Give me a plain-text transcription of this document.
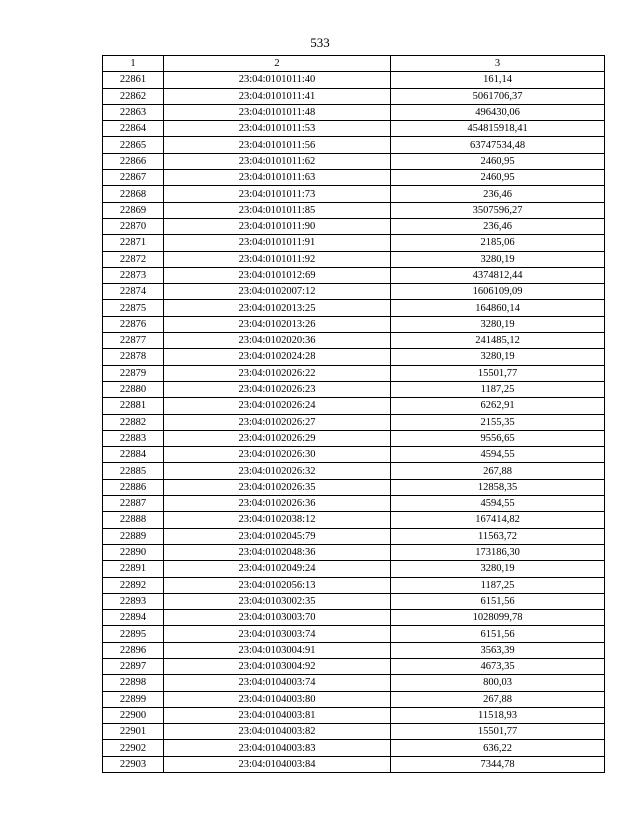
533
1	2	3
22861	23:04:0101011:40	161,14
22862	23:04:0101011:41	5061706,37
22863	23:04:0101011:48	496430,06
22864	23:04:0101011:53	454815918,41
22865	23:04:0101011:56	63747534,48
22866	23:04:0101011:62	2460,95
22867	23:04:0101011:63	2460,95
22868	23:04:0101011:73	236,46
22869	23:04:0101011:85	3507596,27
22870	23:04:0101011:90	236,46
22871	23:04:0101011:91	2185,06
22872	23:04:0101011:92	3280,19
22873	23:04:0101012:69	4374812,44
22874	23:04:0102007:12	1606109,09
22875	23:04:0102013:25	164860,14
22876	23:04:0102013:26	3280,19
22877	23:04:0102020:36	241485,12
22878	23:04:0102024:28	3280,19
22879	23:04:0102026:22	15501,77
22880	23:04:0102026:23	1187,25
22881	23:04:0102026:24	6262,91
22882	23:04:0102026:27	2155,35
22883	23:04:0102026:29	9556,65
22884	23:04:0102026:30	4594,55
22885	23:04:0102026:32	267,88
22886	23:04:0102026:35	12858,35
22887	23:04:0102026:36	4594,55
22888	23:04:0102038:12	167414,82
22889	23:04:0102045:79	11563,72
22890	23:04:0102048:36	173186,30
22891	23:04:0102049:24	3280,19
22892	23:04:0102056:13	1187,25
22893	23:04:0103002:35	6151,56
22894	23:04:0103003:70	1028099,78
22895	23:04:0103003:74	6151,56
22896	23:04:0103004:91	3563,39
22897	23:04:0103004:92	4673,35
22898	23:04:0104003:74	800,03
22899	23:04:0104003:80	267,88
22900	23:04:0104003:81	11518,93
22901	23:04:0104003:82	15501,77
22902	23:04:0104003:83	636,22
22903	23:04:0104003:84	7344,78
